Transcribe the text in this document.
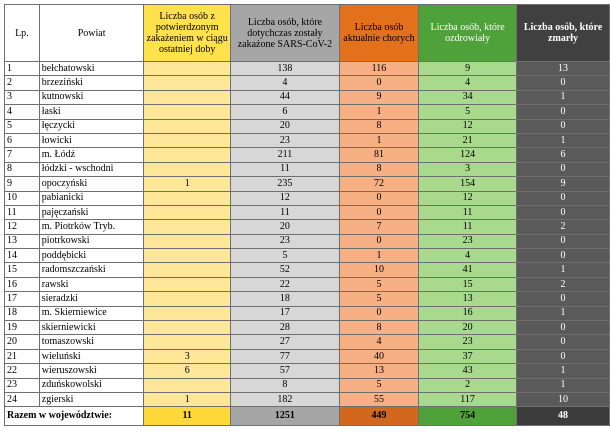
Lp.	Powiat	Liczba osób z potwierdzonym zakażeniem w ciągu ostatniej doby	Liczba osób, które dotychczas zostały zakażone SARS-CoV-2	Liczba osób aktualnie chorych	Liczba osób, które ozdrowiały	Liczba osób, które zmarły
1	bełchatowski		138	116	9	13
2	brzeziński		4	0	4	0
3	kutnowski		44	9	34	1
4	łaski		6	1	5	0
5	łęczycki		20	8	12	0
6	łowicki		23	1	21	1
7	m. Łódź		211	81	124	6
8	łódzki - wschodni		11	8	3	0
9	opoczyński	1	235	72	154	9
10	pabianicki		12	0	12	0
11	pajęczański		11	0	11	0
12	m. Piotrków Tryb.		20	7	11	2
13	piotrkowski		23	0	23	0
14	poddębicki		5	1	4	0
15	radomszczański		52	10	41	1
16	rawski		22	5	15	2
17	sieradzki		18	5	13	0
18	m. Skierniewice		17	0	16	1
19	skierniewicki		28	8	20	0
20	tomaszowski		27	4	23	0
21	wieluński	3	77	40	37	0
22	wieruszowski	6	57	13	43	1
23	zduńskowolski		8	5	2	1
24	zgierski	1	182	55	117	10
Razem w województwie:		11	1251	449	754	48
